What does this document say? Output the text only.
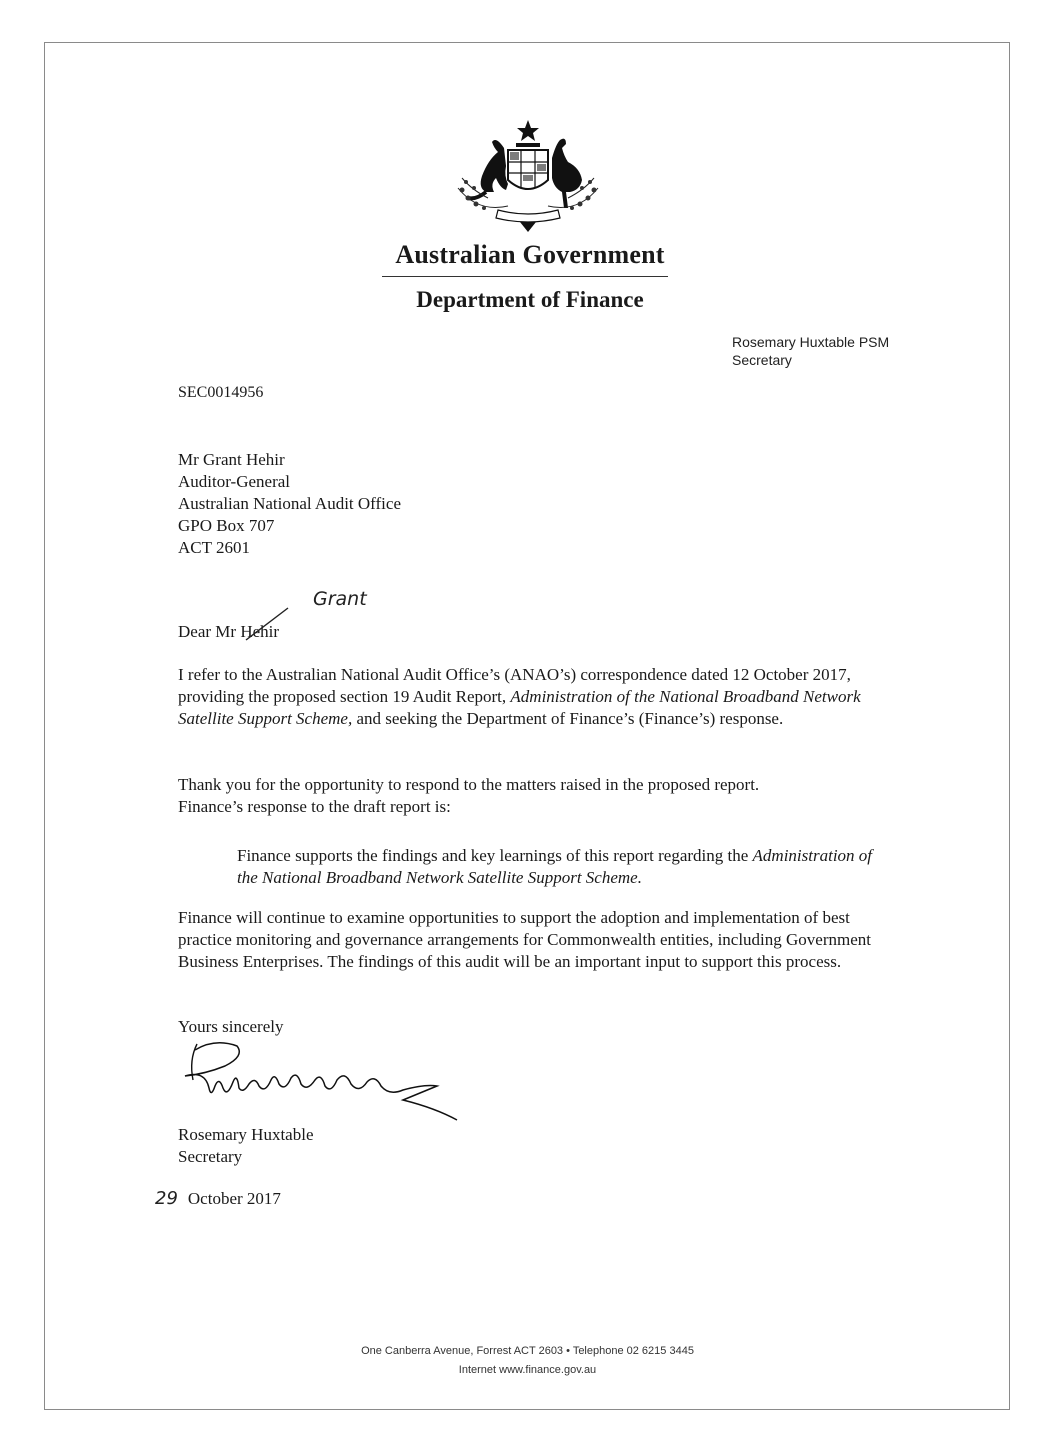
Australian Government
Department of Finance
Rosemary Huxtable PSM
Secretary
SEC0014956
Mr Grant Hehir
Auditor-General
Australian National Audit Office
GPO Box 707
ACT 2601
Grant
Dear Mr Hehir
I refer to the Australian National Audit Office’s (ANAO’s) correspondence dated 12 October 2017, providing the proposed section 19 Audit Report, Administration of the National Broadband Network Satellite Support Scheme, and seeking the Department of Finance’s (Finance’s) response.
Thank you for the opportunity to respond to the matters raised in the proposed report.
Finance’s response to the draft report is:
Finance supports the findings and key learnings of this report regarding the Administration of the National Broadband Network Satellite Support Scheme.
Finance will continue to examine opportunities to support the adoption and implementation of best practice monitoring and governance arrangements for Commonwealth entities, including Government Business Enterprises. The findings of this audit will be an important input to support this process.
Yours sincerely
Rosemary Huxtable
Secretary
29 October 2017
One Canberra Avenue, Forrest ACT 2603 • Telephone 02 6215 3445
Internet www.finance.gov.au
